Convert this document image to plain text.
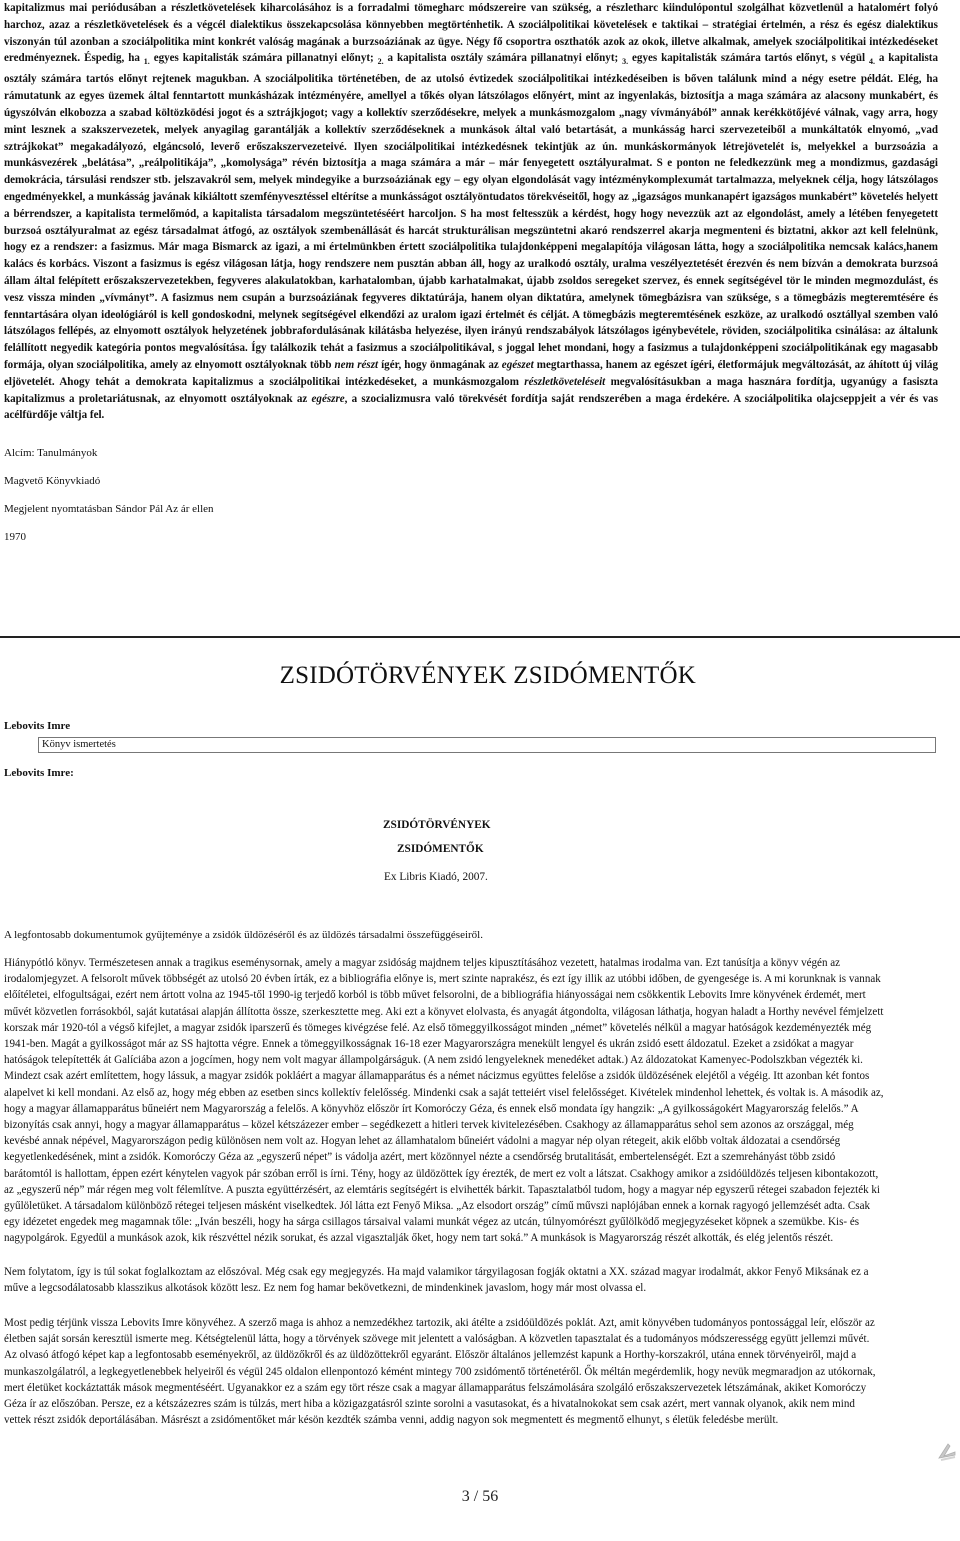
kapitalizmus mai periódusában a részletkövetelések kiharcolásához is a forradalmi tömegharc módszereire van szükség, a részletharc kiindulópontul szolgálhat közvetlenül a hatalomért folyó harchoz, azaz a részletkövetelések és a végcél dialektikus összekapcsolása könnyebben megtörténhetik. A szociálpolitikai követelések e taktikai – stratégiai értelmén, a rész és egész dialektikus viszonyán túl azonban a szociálpolitika mint konkrét valóság magának a burzsoáziának az ügye. Négy fő csoportra oszthatók azok az okok, illetve alkalmak, amelyek szociálpolitikai intézkedéseket eredményeznek. Éspedig, ha $_{1.}$ egyes kapitalisták számára pillanatnyi előnyt; $_{2.}$ a kapitalista osztály számára pillanatnyi előnyt; $_{3.}$ egyes kapitalisták számára tartós előnyt, s végül $_{4.}$ a kapitalista osztály számára tartós előnyt rejtenek magukban. A szociálpolitika történetében, de az utolsó évtizedek szociálpolitikai intézkedéseiben is bőven találunk mind a négy esetre példát. Elég, ha rámutatunk az egyes üzemek által fenntartott munkásházak intézményére, amellyel a tőkés olyan látszólagos előnyért, mint az ingyenlakás, biztosítja a maga számára az alacsony munkabért, és úgyszólván elkobozza a szabad költözködési jogot és a sztrájkjogot; vagy a kollektív szerződésekre, melyek a munkásmozgalom „nagy vívmányából” annak kerékkötőjévé válnak, vagy arra, hogy mint lesznek a szakszervezetek, melyek anyagilag garantálják a kollektív szerződéseknek a munkások által való betartását, a munkásság harci szervezeteiből a munkáltatók elnyomó, „vad sztrájkokat” megakadályozó, elgáncsoló, leverő erőszakszervezeteivé. Ilyen szociálpolitikai intézkedésnek tekintjük az ún. munkáskormányok létrejövetelét is, melyekkel a burzsoázia a munkásvezérek „belátása”, „reálpolitikája”, „komolysága” révén biztosítja a maga számára a már – már fenyegetett osztályuralmat. S e ponton ne feledkezzünk meg a mondizmus, gazdasági demokrácia, társulási rendszer stb. jelszavakról sem, melyek mindegyike a burzsoáziának egy – egy olyan elgondolását vagy intézménykomplexumát tartalmazza, melyeknek célja, hogy látszólagos engedményekkel, a munkásság javának kikiáltott szemfényvesztéssel eltérítse a munkásságot osztályöntudatos törekvéseitől, hogy az „igazságos munkanapért igazságos munkabért” követelés helyett a bérrendszer, a kapitalista termelőmód, a kapitalista társadalom megszüntetéséért harcoljon. S ha most feltesszük a kérdést, hogy hogy nevezzük azt az elgondolást, amely a létében fenyegetett burzsoá osztályuralmat az egész társadalmat átfogó, az osztályok szembenállását és harcát strukturálisan megszüntetni akaró rendszerrel akarja megmenteni és biztatni, akkor azt kell felelnünk, hogy ez a rendszer: a fasizmus. Már maga Bismarck az igazi, a mi értelmünkben értett szociálpolitika tulajdonképpeni megalapítója világosan látta, hogy a szociálpolitika nemcsak kalács,hanem kalács és korbács. Viszont a fasizmus is egész világosan látja, hogy rendszere nem pusztán abban áll, hogy az uralkodó osztály, uralma veszélyeztetését érezvén és nem bízván a demokrata burzsoá állam által felépített erőszakszervezetekben, fegyveres alakulatokban, karhatalomban, újabb karhatalmakat, újabb zsoldos seregeket szervez, és ennek segítségével tör le minden megmozdulást, és vesz vissza minden „vívmányt”. A fasizmus nem csupán a burzsoáziának fegyveres diktatúrája, hanem olyan diktatúra, amelynek tömegbázisra van szüksége, s a tömegbázis megteremtésére és fenntartására olyan ideológiáról is kell gondoskodni, melynek segítségével elkendőzi az uralom igazi értelmét és célját. A tömegbázis megteremtésének eszköze, az uralkodó osztállyal szemben való látszólagos fellépés, az elnyomott osztályok helyzetének jobbrafordulásának kilátásba helyezése, ilyen irányú rendszabályok látszólagos igénybevétele, röviden, szociálpolitika csinálása: az általunk felállított negyedik kategória pontos megvalósítása. Így találkozik tehát a fasizmus a szociálpolitikával, s joggal lehet mondani, hogy a fasizmus a tulajdonképpeni szociálpolitikának egy magasabb formája, olyan szociálpolitika, amely az elnyomott osztályoknak több nem részt ígér, hogy önmagának az egészet megtarthassa, hanem az egészet ígéri, életformájuk megváltozását, az áhított új világ eljövetelét. Ahogy tehát a demokrata kapitalizmus a szociálpolitikai intézkedéseket, a munkásmozgalom részletköveteléseit megvalósításukban a maga hasznára fordítja, ugyanúgy a fasiszta kapitalizmus a proletariátusnak, az elnyomott osztályoknak az egészre, a szocializmusra való törekvését fordítja saját rendszerében a maga érdekére. A szociálpolitika olajcseppjeit a vér és vas acélfürdője váltja fel.

Alcím: Tanulmányok

Magvető Könyvkiadó

Megjelent nyomtatásban Sándor Pál Az ár ellen

1970

ZSIDÓTÖRVÉNYEK ZSIDÓMENTŐK

Lebovits Imre

Könyv ismertetés

Lebovits Imre:

ZSIDÓTÖRVÉNYEK

ZSIDÓMENTŐK

Ex Libris Kiadó, 2007.

A legfontosabb dokumentumok gyűjteménye a zsidók üldözéséről és az üldözés társadalmi összefüggéseiről.

Hiánypótló könyv. Természetesen annak a tragikus eseménysornak, amely a magyar zsidóság majdnem teljes kipusztításához vezetett, hatalmas irodalma van. Ezt tanúsítja a könyv végén az irodalomjegyzet. A felsorolt művek többségét az utolsó 20 évben írták, ez a bibliográfia előnye is, mert szinte naprakész, és ezt így illik az utóbbi időben, de gyengesége is. A mi korunknak is vannak előítéletei, elfogultságai, ezért nem ártott volna az 1945-től 1990-ig terjedő korból is több művet felsorolni, de a bibliográfia hiányosságai nem csökkentik Lebovits Imre könyvének érdemét, mert művét közvetlen forrásokból, saját kutatásai alapján állította össze, szerkesztette meg. Aki ezt a könyvet elolvasta, és anyagát átgondolta, világosan láthatja, hogyan haladt a Horthy nevével fémjelzett korszak már 1920-tól a végső kifejlet, a magyar zsidók iparszerű és tömeges kivégzése felé. Az első tömeggyilkosságot minden „német” követelés nélkül a magyar hatóságok kezdeményezték még 1941-ben. Magát a gyilkosságot már az SS hajtotta végre. Ennek a tömeggyilkosságnak 16-18 ezer Magyarországra menekült lengyel és ukrán zsidó esett áldozatul. Ezeket a zsidókat a magyar hatóságok telepítették át Galíciába azon a jogcímen, hogy nem volt magyar állampolgárságuk. (A nem zsidó lengyeleknek menedéket adtak.) Az áldozatokat Kamenyec-Podolszkban végezték ki. Mindezt csak azért említettem, hogy lássuk, a magyar zsidók pokláért a magyar államapparátus és a német nácizmus együttes felelőse a zsidók üldözésének elejétől a végéig. Itt azonban két fontos alapelvet ki kell mondani. Az első az, hogy még ebben az esetben sincs kollektív felelősség. Mindenki csak a saját tetteiért visel felelősséget. Kivételek mindenhol lehettek, és voltak is. A második az, hogy a magyar államapparátus bűneiért nem Magyarország a felelős. A könyvhöz először írt Komoróczy Géza, és ennek első mondata így hangzik: „A gyilkosságokért Magyarország felelős.” A bizonyítás csak annyi, hogy a magyar államapparátus – közel kétszázezer ember – segédkezett a hitleri tervek kivitelezésében. Csakhogy az államapparátus sehol sem azonos az országgal, még kevésbé annak népével, Magyarországon pedig különösen nem volt az. Hogyan lehet az államhatalom bűneiért vádolni a magyar nép olyan rétegeit, akik előbb voltak áldozatai a csendőrség kegyetlenkedésének, mint a zsidók. Komoróczy Géza az „egyszerű népet” is vádolja azért, mert közönnyel nézte a csendőrség brutalitását, embertelenségét. Ezt a szemrehányást több zsidó barátomtól is hallottam, éppen ezért kénytelen vagyok pár szóban erről is írni. Tény, hogy az üldözöttek így érezték, de mert ez volt a látszat. Csakhogy amikor a zsidóüldözés teljesen kibontakozott, az „egyszerű nép” már régen meg volt félemlítve. A puszta együttérzésért, az elemtáris segítségért is elvihették bárkit. Tapasztalatból tudom, hogy a magyar nép egyszerű rétegei szabadon fejezték ki gyűlöletüket. A társadalom különböző rétegei teljesen másként viselkedtek. Jól látta ezt Fenyő Miksa. „Az elsodort ország” című művszi naplójában ennek a kornak ragyogó jellemzését adta. Csak egy idézetet engedek meg magamnak tőle: „Iván beszéli, hogy ha sárga csillagos társaival valami munkát végez az utcán, túlnyomórészt gyűlölködő megjegyzéseket köpnek a szemükbe. Kis- és nagypolgárok. Egyedül a munkások azok, kik részvéttel nézik sorukat, és azzal vigasztalják őket, hogy nem tart soká.” A munkások is Magyarország részét alkották, és elég jelentős részét.

Nem folytatom, így is túl sokat foglalkoztam az előszóval. Még csak egy megjegyzés. Ha majd valamikor tárgyilagosan fogják oktatni a XX. század magyar irodalmát, akkor Fenyő Miksának ez a műve a legcsodálatosabb klasszikus alkotások között lesz. Ez nem fog hamar bekövetkezni, de mindenkinek javaslom, hogy már most olvassa el.

Most pedig térjünk vissza Lebovits Imre könyvéhez. A szerző maga is ahhoz a nemzedékhez tartozik, aki átélte a zsidóüldözés poklát. Azt, amit könyvében tudományos pontossággal leír, először az életben saját sorsán keresztül ismerte meg. Kétségtelenül látta, hogy a törvények szövege mit jelentett a valóságban. A közvetlen tapasztalat és a tudományos módszerességg együtt jellemzi művét. Az olvasó átfogó képet kap a legfontosabb eseményekről, az üldözőkről és az üldözöttekről egyaránt. Először általános jellemzést kapunk a Horthy-korszakról, utána ennek törvényeiről, majd a munkaszolgálatról, a legkegyetlenebbek helyeiről és végül 245 oldalon ellenpontozó kémént mintegy 700 zsidómentő történetéről. Ők méltán megérdemlik, hogy nevük megmaradjon az utókornak, mert életüket kockáztatták mások megmentéséért. Ugyanakkor ez a szám egy tört része csak a magyar államapparátus felszámolására szolgáló erőszakszervezetek létszámának, akiket Komoróczy Géza ír az előszóban. Persze, ez a kétszázezres szám is túlzás, mert hiba a közigazgatásról szinte sorolni a vasutasokat, és a hivatalnokokat sem csak azért, mert vannak olyanok, akik nem mind vettek részt zsidók deportálásában. Másrészt a zsidómentőket már késön kezdték számba venni, addig nagyon sok megmentett és megmentő elhunyt, s életük feledésbe merült.

3 / 56
